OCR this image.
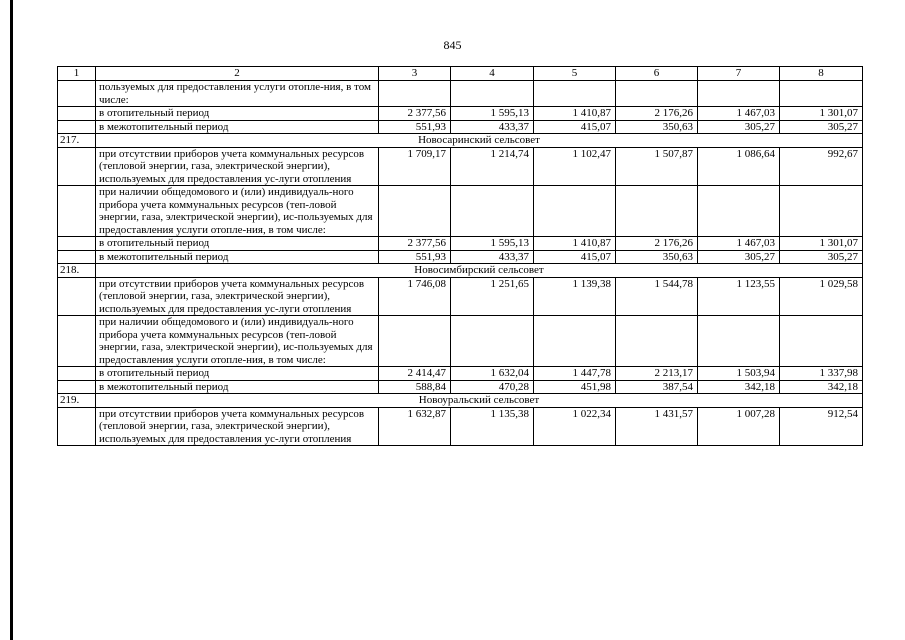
845
1	2	3	4	5	6	7	8
	пользуемых для предоставления услуги отопле-ния, в том числе:						
	в отопительный период	2 377,56	1 595,13	1 410,87	2 176,26	1 467,03	1 301,07
	в межотопительный период	551,93	433,37	415,07	350,63	305,27	305,27
217.	Новосаринский сельсовет						
	при отсутствии приборов учета коммунальных ресурсов (тепловой энергии, газа, электрической энергии), используемых для предоставления ус-луги отопления	1 709,17	1 214,74	1 102,47	1 507,87	1 086,64	992,67
	при наличии общедомового и (или) индивидуаль-ного прибора учета коммунальных ресурсов (теп-ловой энергии, газа, электрической энергии), ис-пользуемых для предоставления услуги отопле-ния, в том числе:						
	в отопительный период	2 377,56	1 595,13	1 410,87	2 176,26	1 467,03	1 301,07
	в межотопительный период	551,93	433,37	415,07	350,63	305,27	305,27
218.	Новосимбирский сельсовет						
	при отсутствии приборов учета коммунальных ресурсов (тепловой энергии, газа, электрической энергии), используемых для предоставления ус-луги отопления	1 746,08	1 251,65	1 139,38	1 544,78	1 123,55	1 029,58
	при наличии общедомового и (или) индивидуаль-ного прибора учета коммунальных ресурсов (теп-ловой энергии, газа, электрической энергии), ис-пользуемых для предоставления услуги отопле-ния, в том числе:						
	в отопительный период	2 414,47	1 632,04	1 447,78	2 213,17	1 503,94	1 337,98
	в межотопительный период	588,84	470,28	451,98	387,54	342,18	342,18
219.	Новоуральский сельсовет						
	при отсутствии приборов учета коммунальных ресурсов (тепловой энергии, газа, электрической энергии), используемых для предоставления ус-луги отопления	1 632,87	1 135,38	1 022,34	1 431,57	1 007,28	912,54
